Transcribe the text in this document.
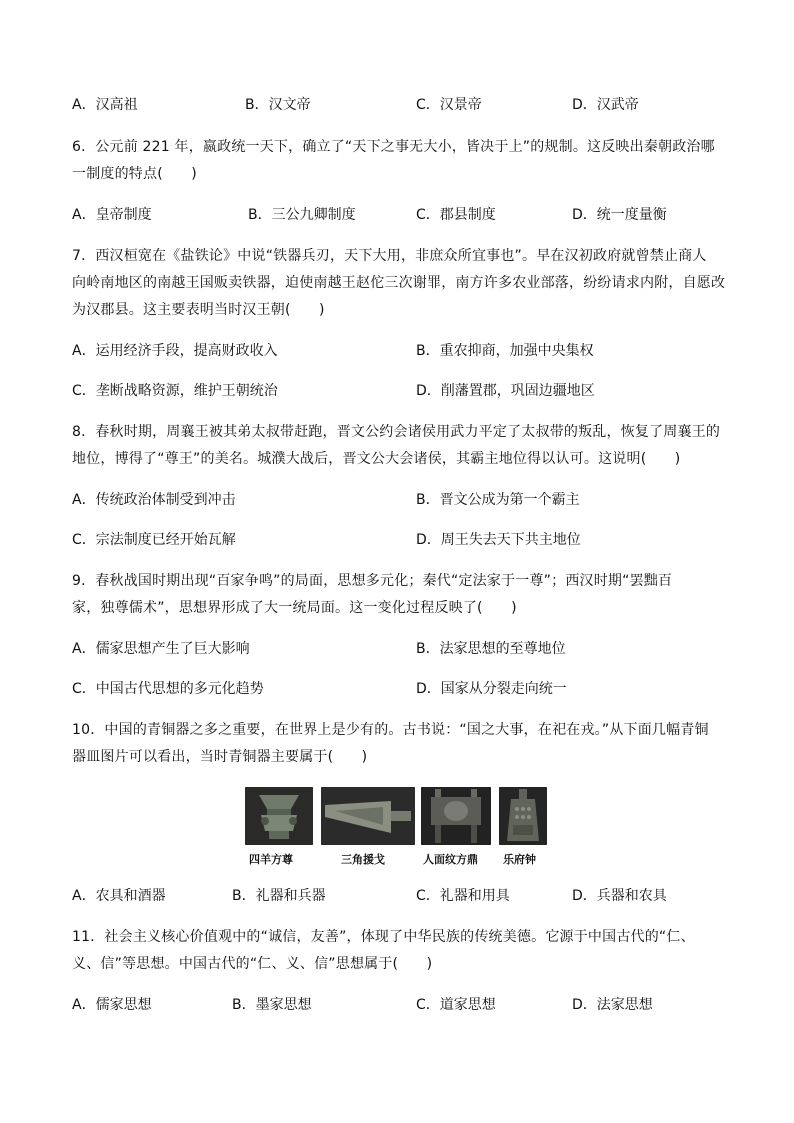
A．汉高祖	B．汉文帝	C．汉景帝	D．汉武帝
6．公元前 221 年，嬴政统一天下，确立了“天下之事无大小，皆决于上”的规制。这反映出秦朝政治哪
一制度的特点(　　)
A．皇帝制度	B．三公九卿制度	C．郡县制度	D．统一度量衡
7．西汉桓宽在《盐铁论》中说“铁器兵刃，天下大用，非庶众所宜事也”。早在汉初政府就曾禁止商人
向岭南地区的南越王国贩卖铁器，迫使南越王赵佗三次谢罪，南方许多农业部落，纷纷请求内附，自愿改
为汉郡县。这主要表明当时汉王朝(　　)
A．运用经济手段，提高财政收入	B．重农抑商，加强中央集权
C．垄断战略资源，维护王朝统治	D．削藩置郡，巩固边疆地区
8．春秋时期，周襄王被其弟太叔带赶跑，晋文公约会诸侯用武力平定了太叔带的叛乱，恢复了周襄王的
地位，博得了“尊王”的美名。城濮大战后，晋文公大会诸侯，其霸主地位得以认可。这说明(　　)
A．传统政治体制受到冲击	B．晋文公成为第一个霸主
C．宗法制度已经开始瓦解	D．周王失去天下共主地位
9．春秋战国时期出现“百家争鸣”的局面，思想多元化；秦代“定法家于一尊”；西汉时期“罢黜百
家，独尊儒术”，思想界形成了大一统局面。这一变化过程反映了(　　)
A．儒家思想产生了巨大影响	B．法家思想的至尊地位
C．中国古代思想的多元化趋势	D．国家从分裂走向统一
10．中国的青铜器之多之重要，在世界上是少有的。古书说：“国之大事，在祀在戎。”从下面几幅青铜
器皿图片可以看出，当时青铜器主要属于(　　)
四羊方尊	三角援戈	人面纹方鼎 乐府钟
A．农具和酒器	B．礼器和兵器	C．礼器和用具	D．兵器和农具
11．社会主义核心价值观中的“诚信，友善”，体现了中华民族的传统美德。它源于中国古代的“仁、
义、信”等思想。中国古代的“仁、义、信”思想属于(　　)
A．儒家思想	B．墨家思想	C．道家思想	D．法家思想
